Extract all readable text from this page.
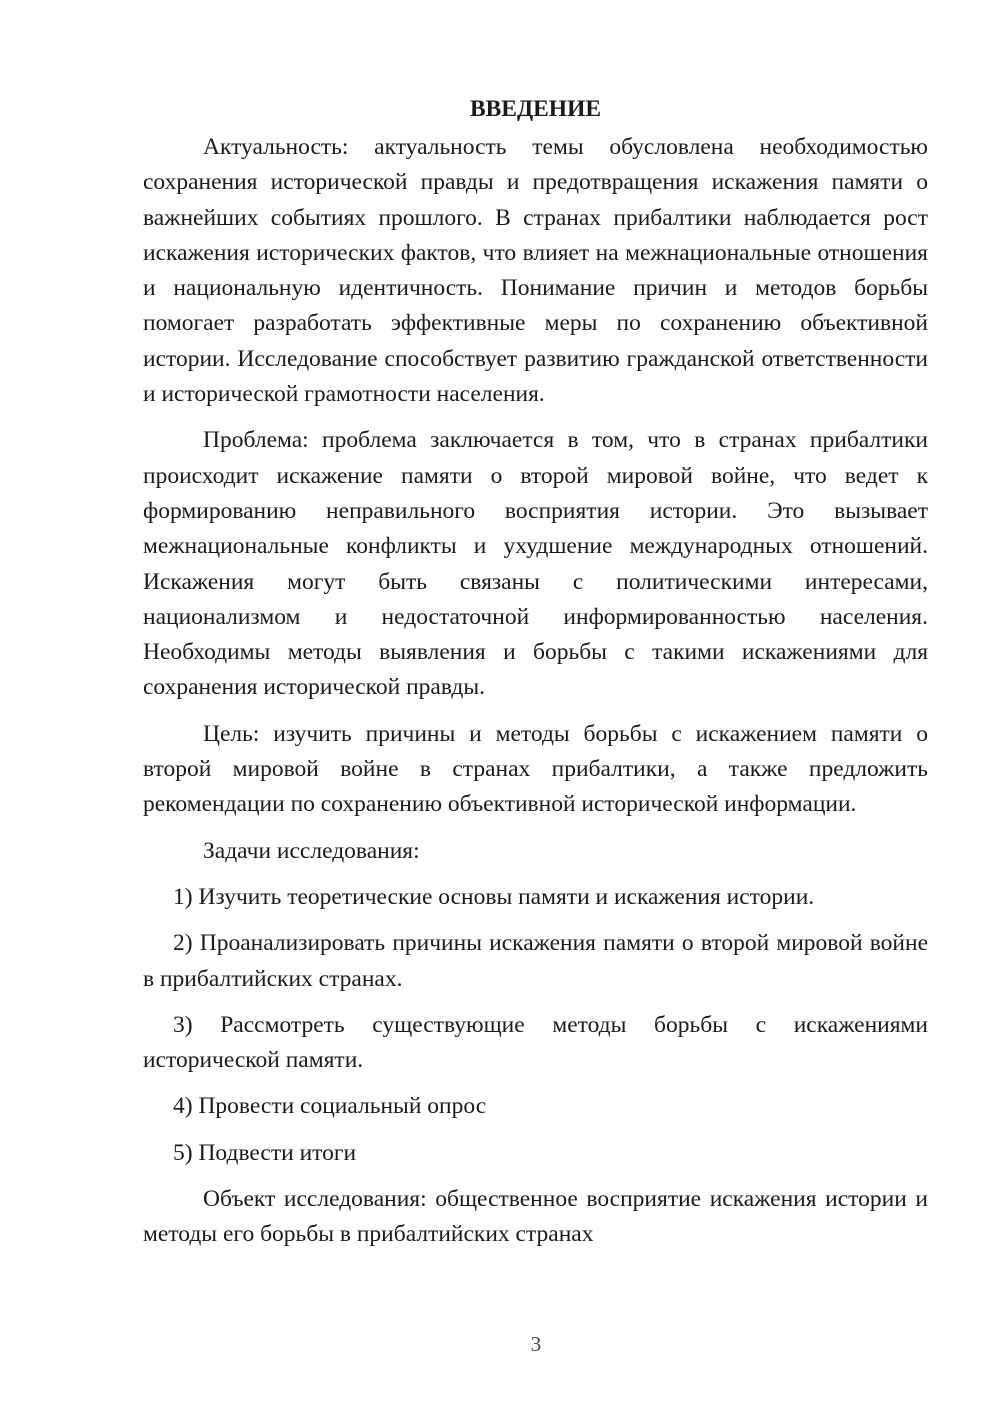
ВВЕДЕНИЕ

Актуальность: актуальность темы обусловлена необходимостью сохранения исторической правды и предотвращения искажения памяти о важнейших событиях прошлого. В странах прибалтики наблюдается рост искажения исторических фактов, что влияет на межнациональные отношения и национальную идентичность. Понимание причин и методов борьбы помогает разработать эффективные меры по сохранению объективной истории. Исследование способствует развитию гражданской ответственности и исторической грамотности населения.

Проблема: проблема заключается в том, что в странах прибалтики происходит искажение памяти о второй мировой войне, что ведет к формированию неправильного восприятия истории. Это вызывает межнациональные конфликты и ухудшение международных отношений. Искажения могут быть связаны с политическими интересами, национализмом и недостаточной информированностью населения. Необходимы методы выявления и борьбы с такими искажениями для сохранения исторической правды.

Цель: изучить причины и методы борьбы с искажением памяти о второй мировой войне в странах прибалтики, а также предложить рекомендации по сохранению объективной исторической информации.

Задачи исследования:

1) Изучить теоретические основы памяти и искажения истории.

2) Проанализировать причины искажения памяти о второй мировой войне в прибалтийских странах.

3) Рассмотреть существующие методы борьбы с искажениями исторической памяти.

4) Провести социальный опрос

5) Подвести итоги

Объект исследования: общественное восприятие искажения истории и методы его борьбы в прибалтийских странах

3
